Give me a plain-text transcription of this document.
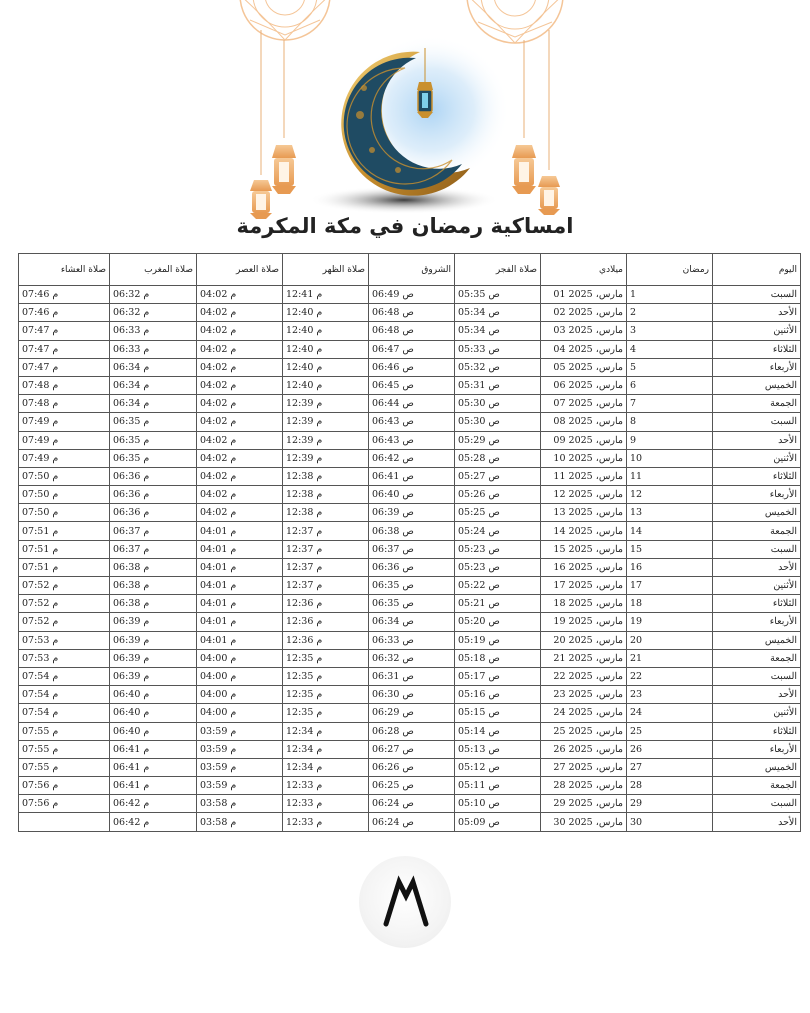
امساكية رمضان في مكة المكرمة
اليوم	رمضان	ميلادي	صلاة الفجر	الشروق	صلاة الظهر	صلاة العصر	صلاة المغرب	صلاة العشاء
السبت	1	مارس، 2025 01	ص 05:35	ص 06:49	م 12:41	م 04:02	م 06:32	م 07:46
الأحد	2	مارس، 2025 02	ص 05:34	ص 06:48	م 12:40	م 04:02	م 06:32	م 07:46
الأثنين	3	مارس، 2025 03	ص 05:34	ص 06:48	م 12:40	م 04:02	م 06:33	م 07:47
الثلاثاء	4	مارس، 2025 04	ص 05:33	ص 06:47	م 12:40	م 04:02	م 06:33	م 07:47
الأربعاء	5	مارس، 2025 05	ص 05:32	ص 06:46	م 12:40	م 04:02	م 06:34	م 07:47
الخميس	6	مارس، 2025 06	ص 05:31	ص 06:45	م 12:40	م 04:02	م 06:34	م 07:48
الجمعة	7	مارس، 2025 07	ص 05:30	ص 06:44	م 12:39	م 04:02	م 06:34	م 07:48
السبت	8	مارس، 2025 08	ص 05:30	ص 06:43	م 12:39	م 04:02	م 06:35	م 07:49
الأحد	9	مارس، 2025 09	ص 05:29	ص 06:43	م 12:39	م 04:02	م 06:35	م 07:49
الأثنين	10	مارس، 2025 10	ص 05:28	ص 06:42	م 12:39	م 04:02	م 06:35	م 07:49
الثلاثاء	11	مارس، 2025 11	ص 05:27	ص 06:41	م 12:38	م 04:02	م 06:36	م 07:50
الأربعاء	12	مارس، 2025 12	ص 05:26	ص 06:40	م 12:38	م 04:02	م 06:36	م 07:50
الخميس	13	مارس، 2025 13	ص 05:25	ص 06:39	م 12:38	م 04:02	م 06:36	م 07:50
الجمعة	14	مارس، 2025 14	ص 05:24	ص 06:38	م 12:37	م 04:01	م 06:37	م 07:51
السبت	15	مارس، 2025 15	ص 05:23	ص 06:37	م 12:37	م 04:01	م 06:37	م 07:51
الأحد	16	مارس، 2025 16	ص 05:23	ص 06:36	م 12:37	م 04:01	م 06:38	م 07:51
الأثنين	17	مارس، 2025 17	ص 05:22	ص 06:35	م 12:37	م 04:01	م 06:38	م 07:52
الثلاثاء	18	مارس، 2025 18	ص 05:21	ص 06:35	م 12:36	م 04:01	م 06:38	م 07:52
الأربعاء	19	مارس، 2025 19	ص 05:20	ص 06:34	م 12:36	م 04:01	م 06:39	م 07:52
الخميس	20	مارس، 2025 20	ص 05:19	ص 06:33	م 12:36	م 04:01	م 06:39	م 07:53
الجمعة	21	مارس، 2025 21	ص 05:18	ص 06:32	م 12:35	م 04:00	م 06:39	م 07:53
السبت	22	مارس، 2025 22	ص 05:17	ص 06:31	م 12:35	م 04:00	م 06:39	م 07:54
الأحد	23	مارس، 2025 23	ص 05:16	ص 06:30	م 12:35	م 04:00	م 06:40	م 07:54
الأثنين	24	مارس، 2025 24	ص 05:15	ص 06:29	م 12:35	م 04:00	م 06:40	م 07:54
الثلاثاء	25	مارس، 2025 25	ص 05:14	ص 06:28	م 12:34	م 03:59	م 06:40	م 07:55
الأربعاء	26	مارس، 2025 26	ص 05:13	ص 06:27	م 12:34	م 03:59	م 06:41	م 07:55
الخميس	27	مارس، 2025 27	ص 05:12	ص 06:26	م 12:34	م 03:59	م 06:41	م 07:55
الجمعة	28	مارس، 2025 28	ص 05:11	ص 06:25	م 12:33	م 03:59	م 06:41	م 07:56
السبت	29	مارس، 2025 29	ص 05:10	ص 06:24	م 12:33	م 03:58	م 06:42	م 07:56
الأحد	30	مارس، 2025 30	ص 05:09	ص 06:24	م 12:33	م 03:58	م 06:42	
